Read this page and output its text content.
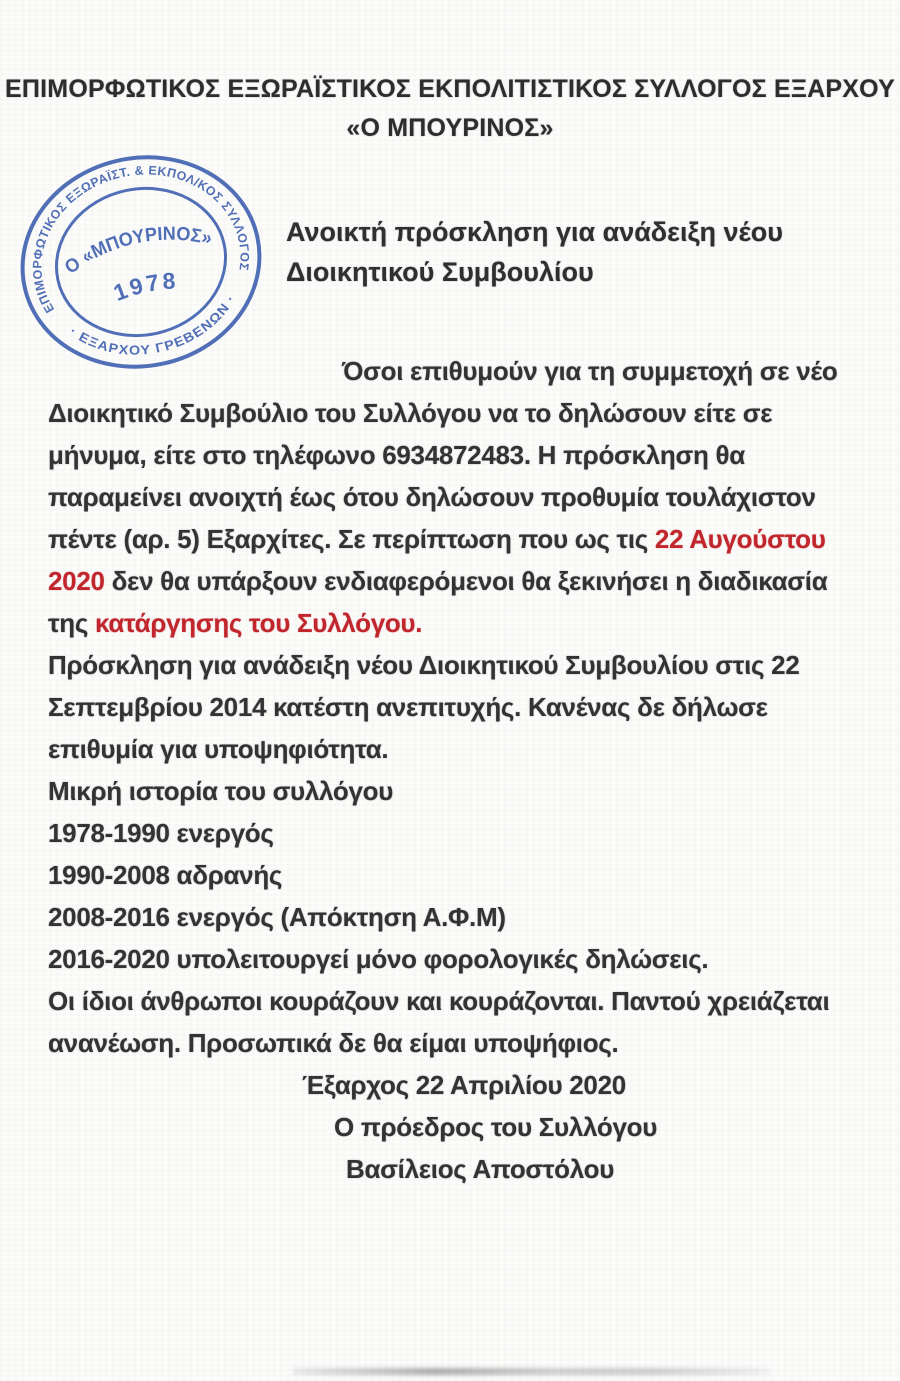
ΕΠΙΜΟΡΦΩΤΙΚΟΣ ΕΞΩΡΑΪΣΤΙΚΟΣ ΕΚΠΟΛΙΤΙΣΤΙΚΟΣ ΣΥΛΛΟΓΟΣ ΕΞΑΡΧΟΥ
«Ο ΜΠΟΥΡΙΝΟΣ»
ΕΠΙΜΟΡΦΩΤΙΚΟΣ ΕΞΩΡΑΪΣΤ. & ΕΚΠΟΛ/ΚΟΣ ΣΥΛΛΟΓΟΣ
· ΕΞΑΡΧΟΥ ΓΡΕΒΕΝΩΝ ·
Ο «ΜΠΟΥΡΙΝΟΣ»
1978
Ανοικτή πρόσκληση για ανάδειξη νέου
Διοικητικού Συμβουλίου

Όσοι επιθυμούν για τη συμμετοχή σε νέο Διοικητικό Συμβούλιο του Συλλόγου να το δηλώσουν είτε σε μήνυμα, είτε στο τηλέφωνο 6934872483. Η πρόσκληση θα παραμείνει ανοιχτή έως ότου δηλώσουν προθυμία τουλάχιστον πέντε (αρ. 5) Εξαρχίτες. Σε περίπτωση που ως τις 22 Αυγούστου 2020 δεν θα υπάρξουν ενδιαφερόμενοι θα ξεκινήσει η διαδικασία της κατάργησης του Συλλόγου.

Πρόσκληση για ανάδειξη νέου Διοικητικού Συμβουλίου στις 22 Σεπτεμβρίου 2014 κατέστη ανεπιτυχής. Κανένας δε δήλωσε επιθυμία για υποψηφιότητα.

Μικρή ιστορία του συλλόγου

1978-1990 ενεργός

1990-2008 αδρανής

2008-2016 ενεργός (Απόκτηση Α.Φ.Μ)

2016-2020 υπολειτουργεί μόνο φορολογικές δηλώσεις.

Οι ίδιοι άνθρωποι κουράζουν και κουράζονται. Παντού χρειάζεται ανανέωση. Προσωπικά δε θα είμαι υποψήφιος.

Έξαρχος 22 Απριλίου 2020

Ο πρόεδρος του Συλλόγου

Βασίλειος Αποστόλου
